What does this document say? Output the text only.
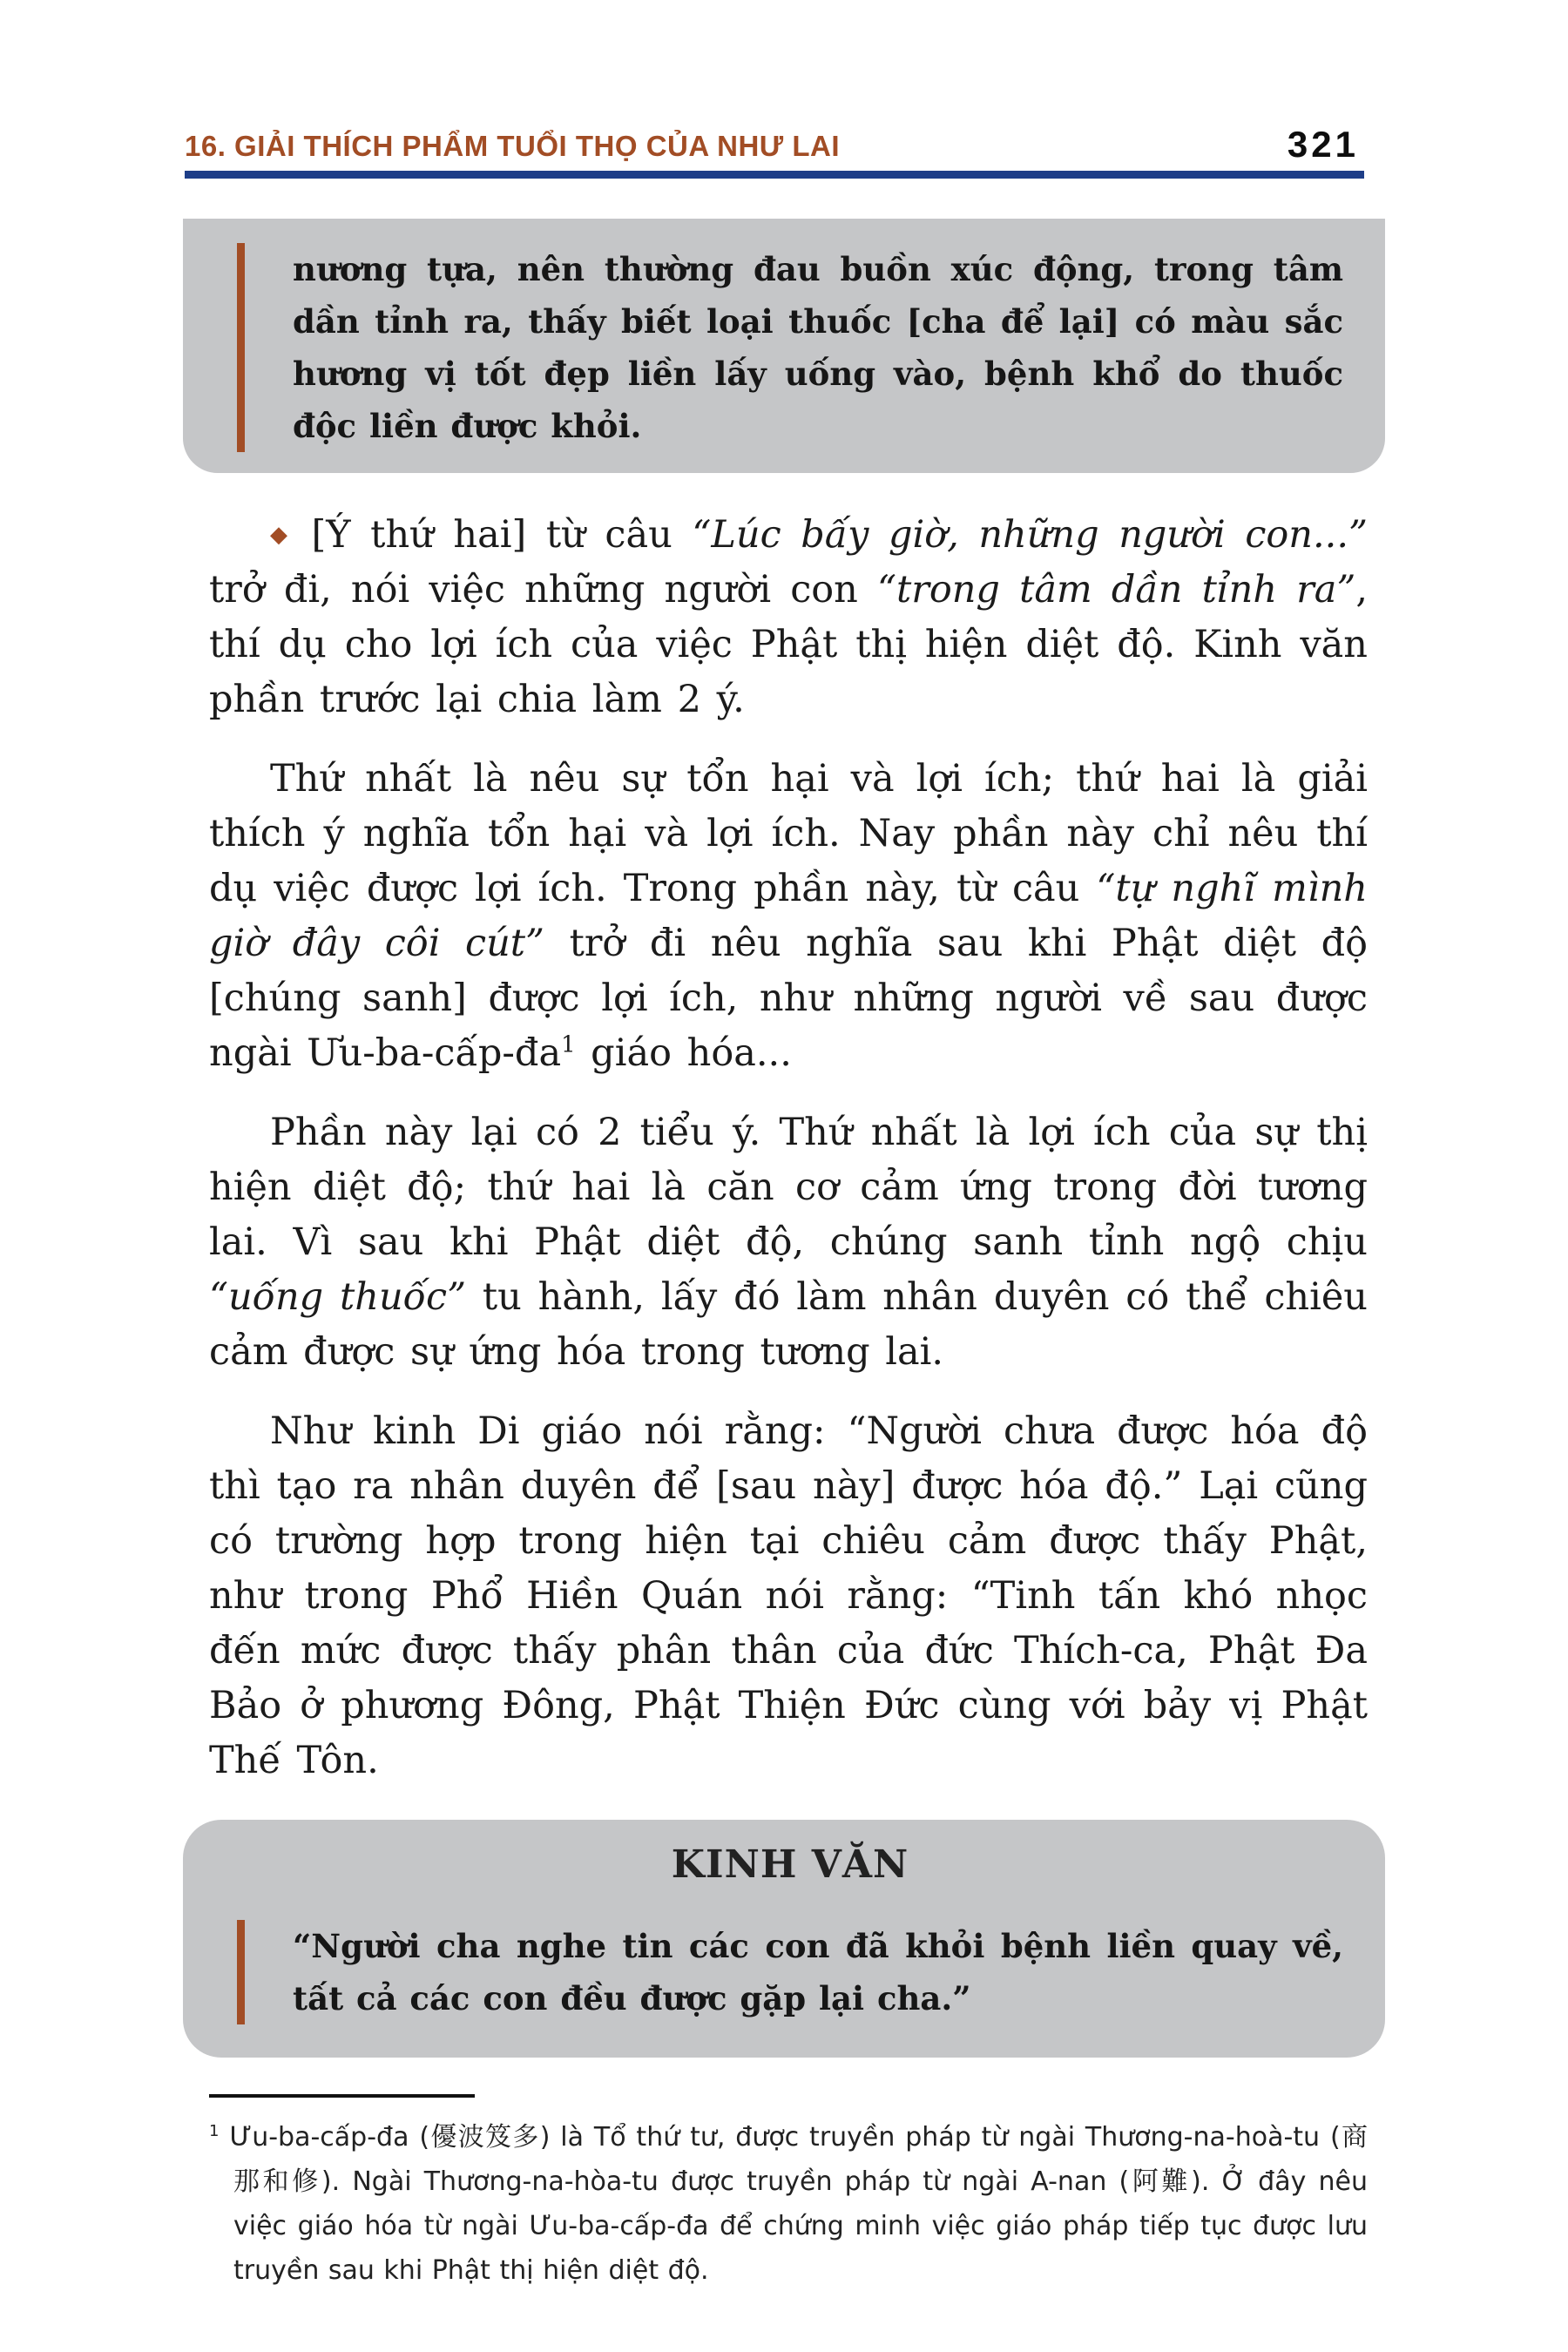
16. GIẢI THÍCH PHẨM TUỔI THỌ CỦA NHƯ LAI	321

nương tựa, nên thường đau buồn xúc động, trong tâm dần tỉnh ra, thấy biết loại thuốc [cha để lại] có màu sắc hương vị tốt đẹp liền lấy uống vào, bệnh khổ do thuốc độc liền được khỏi.

◆ [Ý thứ hai] từ câu “Lúc bấy giờ, những người con...” trở đi, nói việc những người con “trong tâm dần tỉnh ra”, thí dụ cho lợi ích của việc Phật thị hiện diệt độ. Kinh văn phần trước lại chia làm 2 ý.

Thứ nhất là nêu sự tổn hại và lợi ích; thứ hai là giải thích ý nghĩa tổn hại và lợi ích. Nay phần này chỉ nêu thí dụ việc được lợi ích. Trong phần này, từ câu “tự nghĩ mình giờ đây côi cút” trở đi nêu nghĩa sau khi Phật diệt độ [chúng sanh] được lợi ích, như những người về sau được ngài $Ưu-ba-cấp-đa^1$ giáo hóa...

Phần này lại có 2 tiểu ý. Thứ nhất là lợi ích của sự thị hiện diệt độ; thứ hai là căn cơ cảm ứng trong đời tương lai. Vì sau khi Phật diệt độ, chúng sanh tỉnh ngộ chịu “uống thuốc” tu hành, lấy đó làm nhân duyên có thể chiêu cảm được sự ứng hóa trong tương lai.

Như kinh Di giáo nói rằng: “Người chưa được hóa độ thì tạo ra nhân duyên để [sau này] được hóa độ.” Lại cũng có trường hợp trong hiện tại chiêu cảm được thấy Phật, như trong Phổ Hiền Quán nói rằng: “Tinh tấn khó nhọc đến mức được thấy phân thân của đức Thích-ca, Phật Đa Bảo ở phương Đông, Phật Thiện Đức cùng với bảy vị Phật Thế Tôn.

KINH VĂN

“Người cha nghe tin các con đã khỏi bệnh liền quay về, tất cả các con đều được gặp lại cha.”

$^1$ Ưu-ba-cấp-đa (優波笈多) là Tổ thứ tư, được truyền pháp từ ngài Thương-na-hoà-tu (商那和修). Ngài Thương-na-hòa-tu được truyền pháp từ ngài A-nan (阿難). Ở đây nêu việc giáo hóa từ ngài Ưu-ba-cấp-đa để chứng minh việc giáo pháp tiếp tục được lưu truyền sau khi Phật thị hiện diệt độ.
